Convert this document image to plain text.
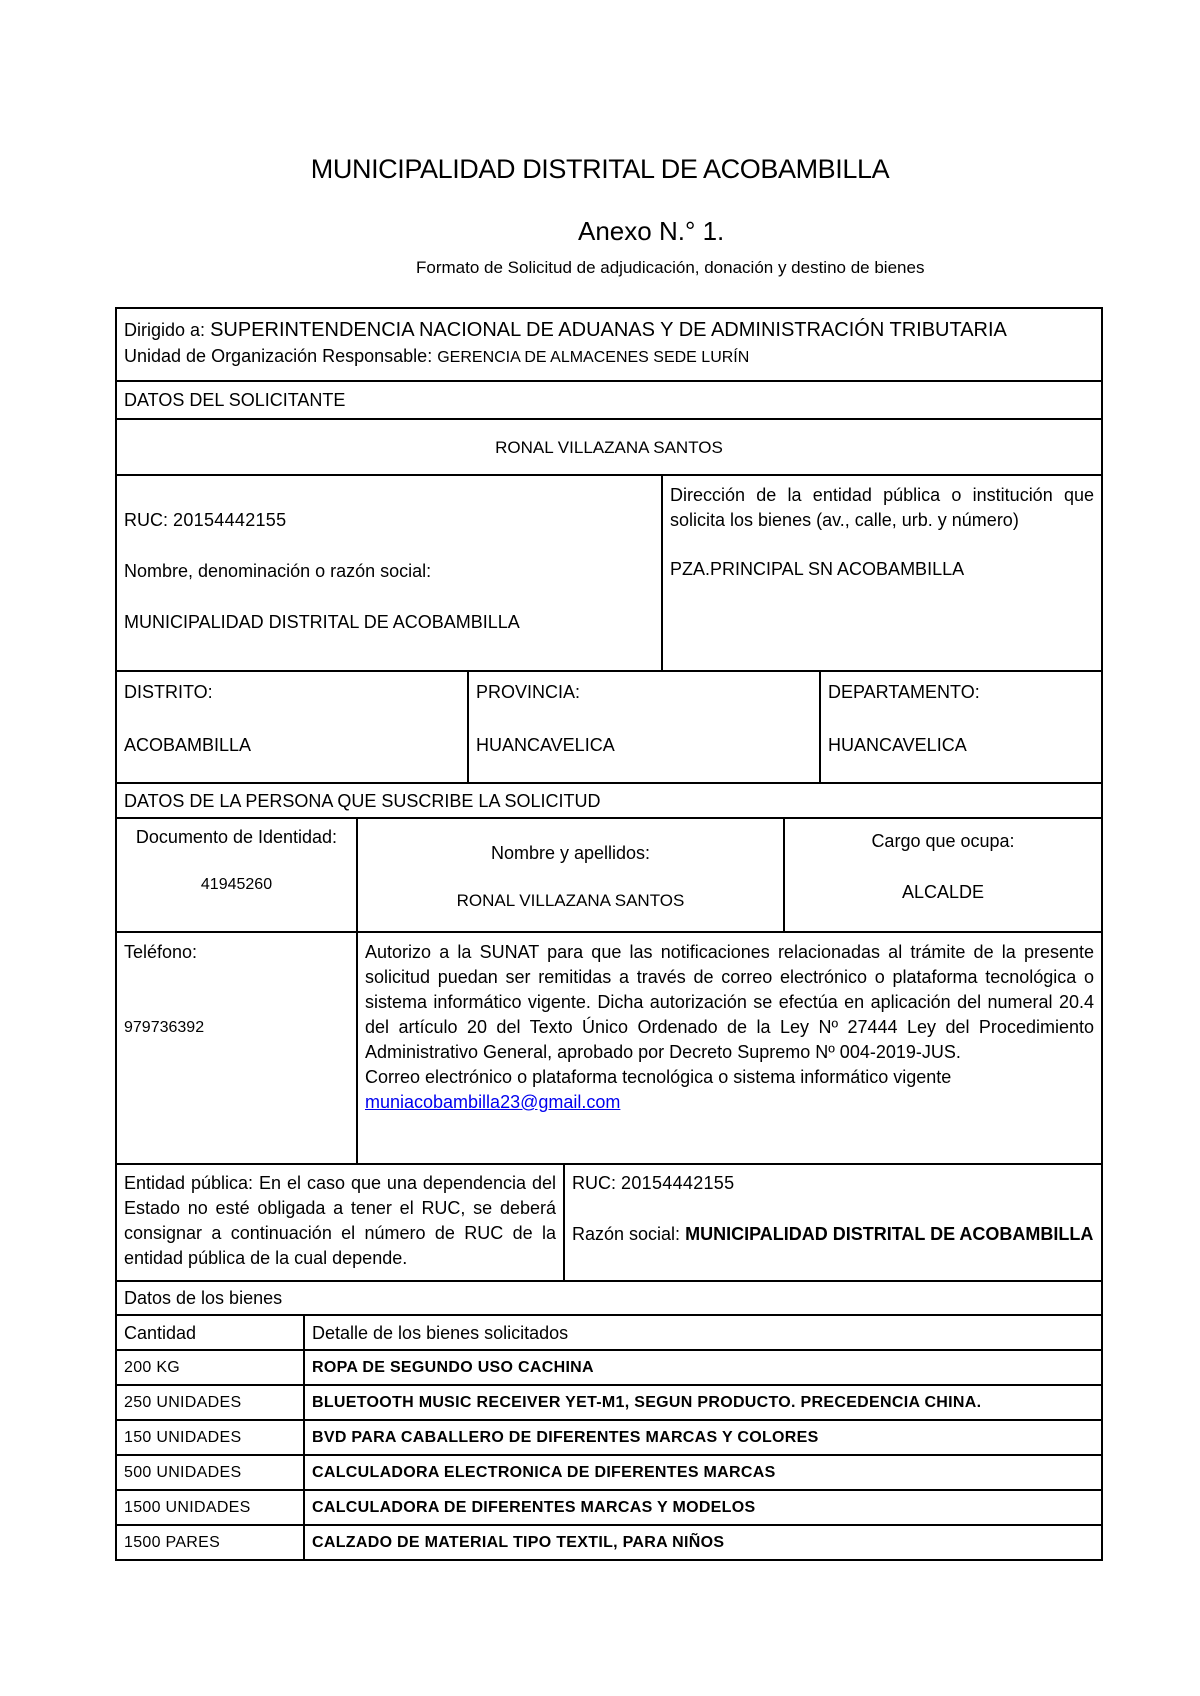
MUNICIPALIDAD DISTRITAL DE ACOBAMBILLA
Anexo N.° 1.
Formato de Solicitud de adjudicación, donación y destino de bienes
Dirigido a: SUPERINTENDENCIA NACIONAL DE ADUANAS Y DE ADMINISTRACIÓN TRIBUTARIA
Unidad de Organización Responsable: GERENCIA DE ALMACENES SEDE LURÍN
DATOS DEL SOLICITANTE
RONAL VILLAZANA SANTOS
RUC: 20154442155
Nombre, denominación o razón social:
MUNICIPALIDAD DISTRITAL DE ACOBAMBILLA
Dirección de la entidad pública o institución que solicita los bienes (av., calle, urb. y número)
PZA.PRINCIPAL SN ACOBAMBILLA
DISTRITO:
ACOBAMBILLA
PROVINCIA:
HUANCAVELICA
DEPARTAMENTO:
HUANCAVELICA
DATOS DE LA PERSONA QUE SUSCRIBE LA SOLICITUD
Documento de Identidad:
41945260
Nombre y apellidos:
RONAL VILLAZANA SANTOS
Cargo que ocupa:
ALCALDE
Teléfono:
979736392
Autorizo a la SUNAT para que las notificaciones relacionadas al trámite de la presente solicitud puedan ser remitidas a través de correo electrónico o plataforma tecnológica o sistema informático vigente. Dicha autorización se efectúa en aplicación del numeral 20.4 del artículo 20 del Texto Único Ordenado de la Ley Nº 27444 Ley del Procedimiento Administrativo General, aprobado por Decreto Supremo Nº 004-2019-JUS.
Correo electrónico o plataforma tecnológica o sistema informático vigente
muniacobambilla23@gmail.com
Entidad pública: En el caso que una dependencia del Estado no esté obligada a tener el RUC, se deberá consignar a continuación el número de RUC de la entidad pública de la cual depende.
RUC: 20154442155
Razón social: MUNICIPALIDAD DISTRITAL DE ACOBAMBILLA
Datos de los bienes
Cantidad	Detalle de los bienes solicitados
200 KG	ROPA DE SEGUNDO USO CACHINA
250 UNIDADES	BLUETOOTH MUSIC RECEIVER YET-M1, SEGUN PRODUCTO. PRECEDENCIA CHINA.
150 UNIDADES	BVD PARA CABALLERO DE DIFERENTES MARCAS Y COLORES
500 UNIDADES	CALCULADORA ELECTRONICA DE DIFERENTES MARCAS
1500 UNIDADES	CALCULADORA DE DIFERENTES MARCAS Y MODELOS
1500 PARES	CALZADO DE MATERIAL TIPO TEXTIL, PARA NIÑOS
